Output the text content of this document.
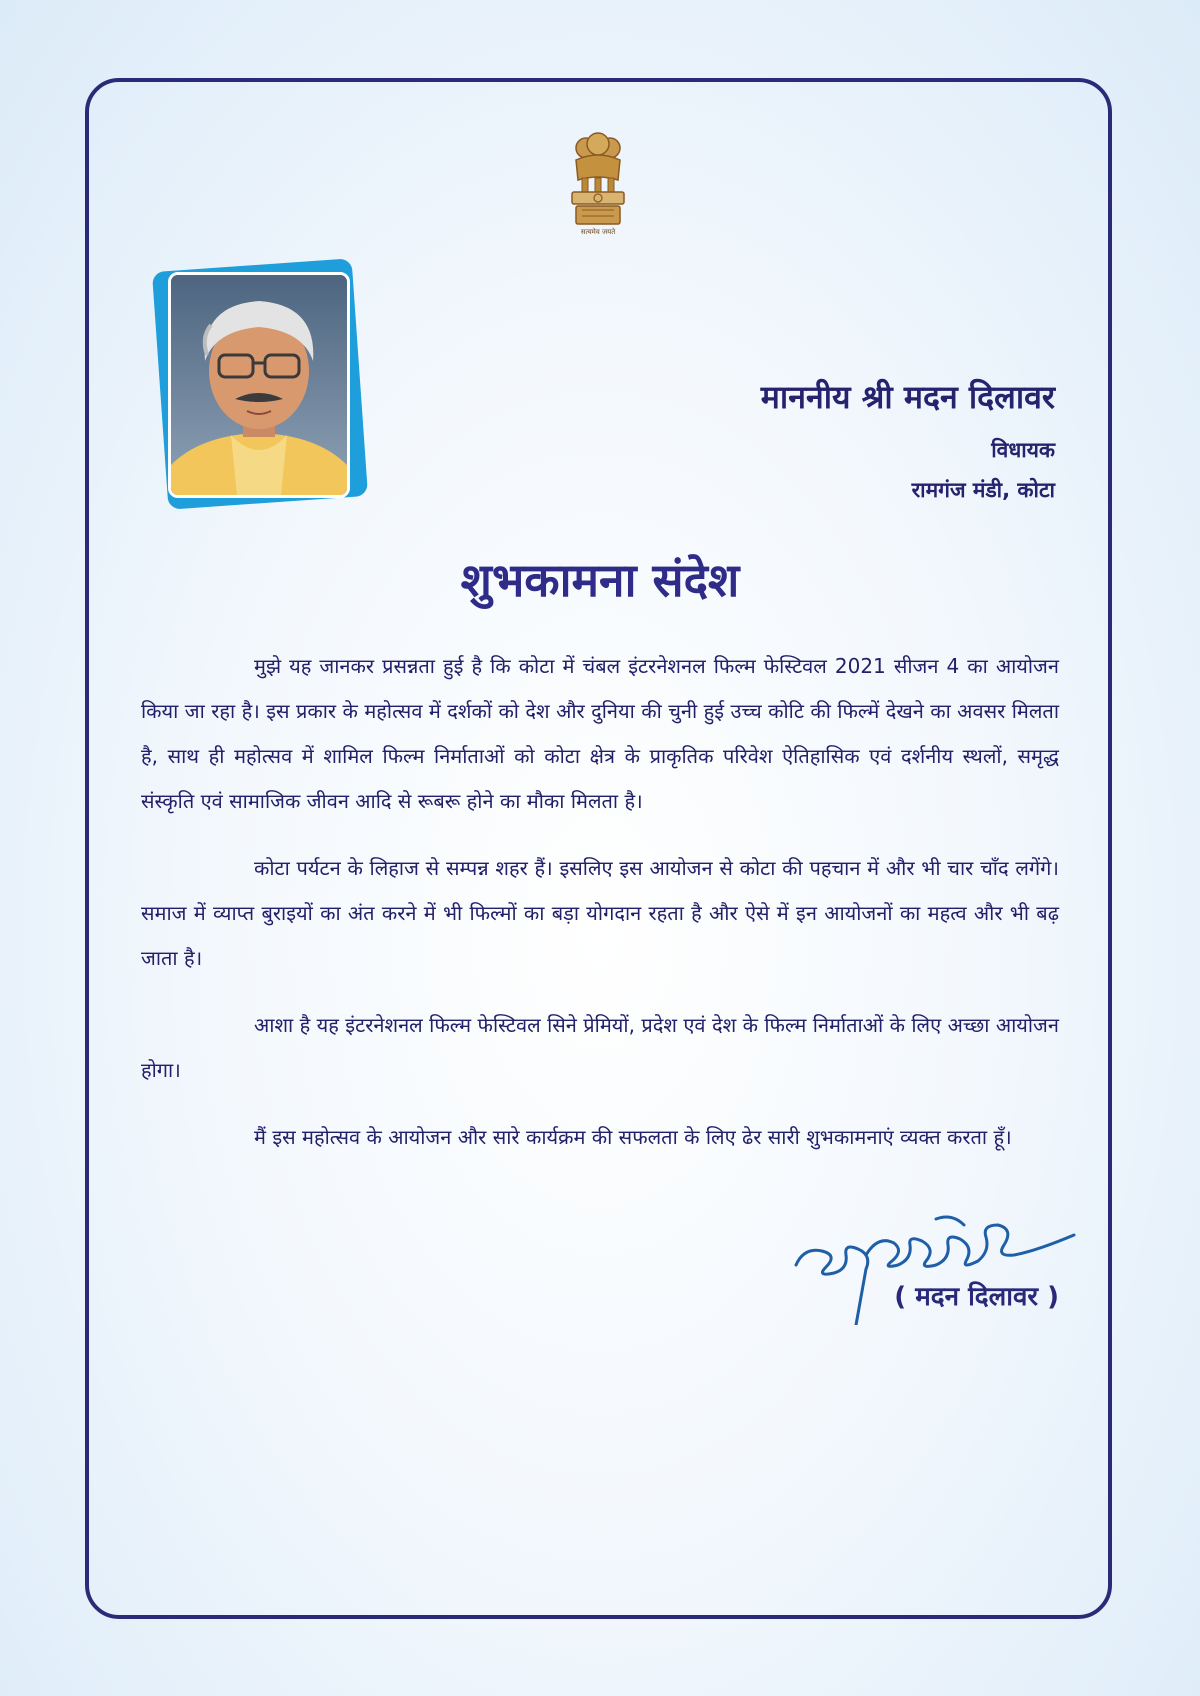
सत्यमेव जयते
माननीय श्री मदन दिलावर
विधायक
रामगंज मंडी, कोटा
शुभकामना संदेश

मुझे यह जानकर प्रसन्नता हुई है कि कोटा में चंबल इंटरनेशनल फिल्म फेस्टिवल 2021 सीजन 4 का आयोजन किया जा रहा है। इस प्रकार के महोत्सव में दर्शकों को देश और दुनिया की चुनी हुई उच्च कोटि की फिल्में देखने का अवसर मिलता है, साथ ही महोत्सव में शामिल फिल्म निर्माताओं को कोटा क्षेत्र के प्राकृतिक परिवेश ऐतिहासिक एवं दर्शनीय स्थलों, समृद्ध संस्कृति एवं सामाजिक जीवन आदि से रूबरू होने का मौका मिलता है।

कोटा पर्यटन के लिहाज से सम्पन्न शहर हैं। इसलिए इस आयोजन से कोटा की पहचान में और भी चार चाँद लगेंगे। समाज में व्याप्त बुराइयों का अंत करने में भी फिल्मों का बड़ा योगदान रहता है और ऐसे में इन आयोजनों का महत्व और भी बढ़ जाता है।

आशा है यह इंटरनेशनल फिल्म फेस्टिवल सिने प्रेमियों, प्रदेश एवं देश के फिल्म निर्माताओं के लिए अच्छा आयोजन होगा।

मैं इस महोत्सव के आयोजन और सारे कार्यक्रम की सफलता के लिए ढेर सारी शुभकामनाएं व्यक्त करता हूँ।

( मदन दिलावर )
